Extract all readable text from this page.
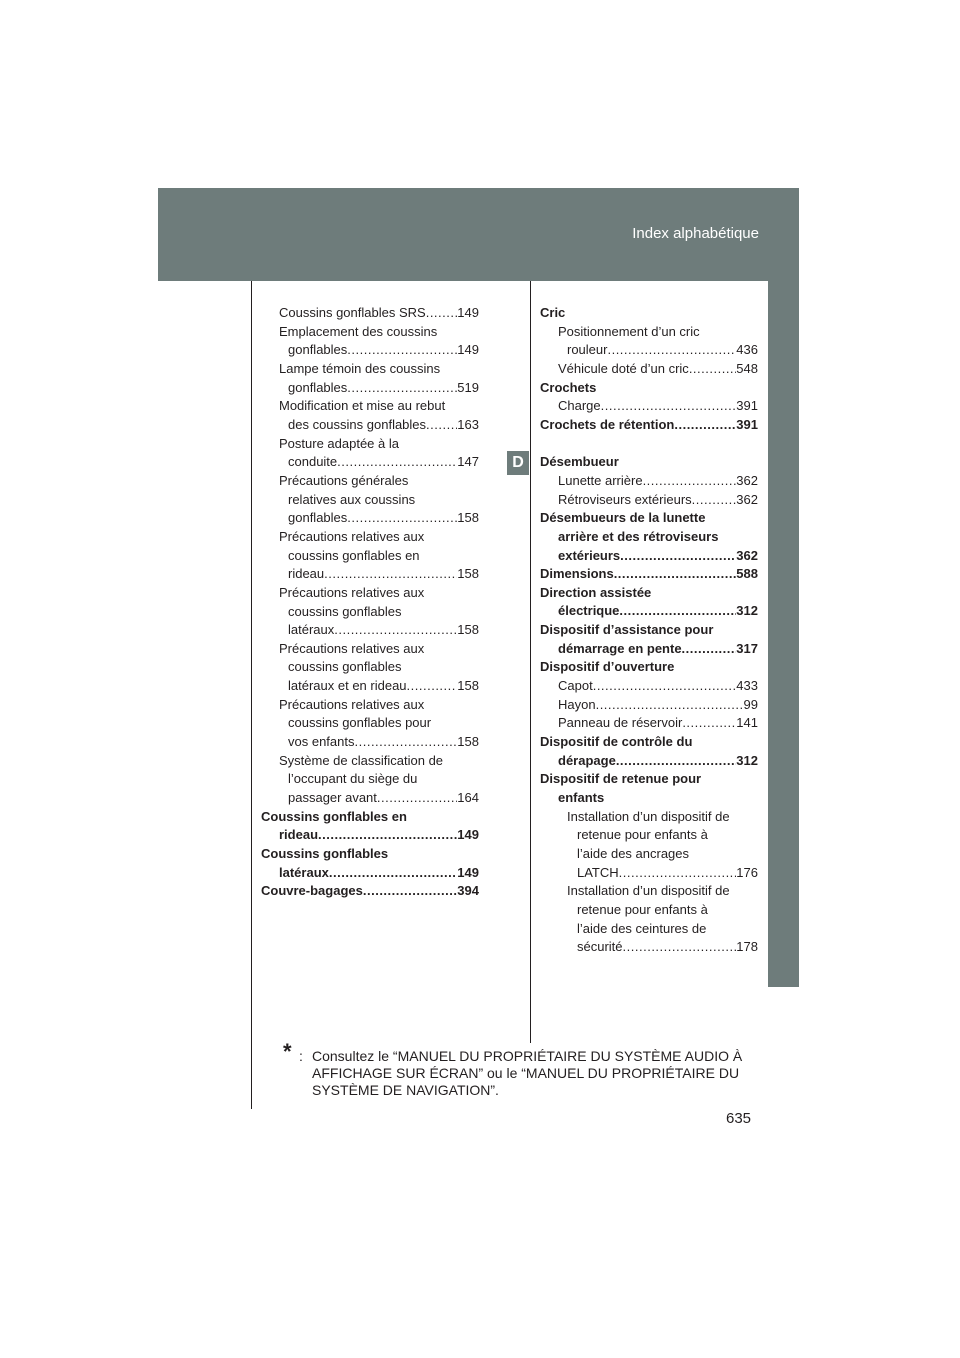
Index alphabétique
D
Coussins gonflables SRS ..... 149
Emplacement des coussins
gonflables .....	149
Lampe témoin des coussins
gonflables .....	519
Modification et mise au rebut
des coussins gonflables ..... 163
Posture adaptée à la
conduite .....	147
Précautions générales
relatives aux coussins
gonflables .....	158
Précautions relatives aux
coussins gonflables en
rideau .....	158
Précautions relatives aux
coussins gonflables
latéraux .....	158
Précautions relatives aux
coussins gonflables
latéraux et en rideau .....	158
Précautions relatives aux
coussins gonflables pour
vos enfants .....	158
Système de classification de
l’occupant du siège du
passager avant .....	164
Coussins gonflables en
rideau .....	149
Coussins gonflables
latéraux .....	149
Couvre-bagages .....	394
Cric
Positionnement d’un cric
rouleur .....	436
Véhicule doté d’un cric .....	548
Crochets
Charge .....	391
Crochets de rétention .....	391
Désembueur
Lunette arrière .....	362
Rétroviseurs extérieurs .....	362
Désembueurs de la lunette
arrière et des rétroviseurs
extérieurs .....	362
Dimensions .....	588
Direction assistée
électrique .....	312
Dispositif d’assistance pour
démarrage en pente .....	317
Dispositif d’ouverture
Capot .....	433
Hayon .....	99
Panneau de réservoir .....	141
Dispositif de contrôle du
dérapage .....	312
Dispositif de retenue pour
enfants
Installation d’un dispositif de
retenue pour enfants à
l’aide des ancrages
LATCH .....	176
Installation d’un dispositif de
retenue pour enfants à
l’aide des ceintures de
sécurité .....	178
* : Consultez le “MANUEL DU PROPRIÉTAIRE DU SYSTÈME AUDIO À AFFICHAGE SUR ÉCRAN” ou le “MANUEL DU PROPRIÉTAIRE DU SYSTÈME DE NAVIGATION”.
635
